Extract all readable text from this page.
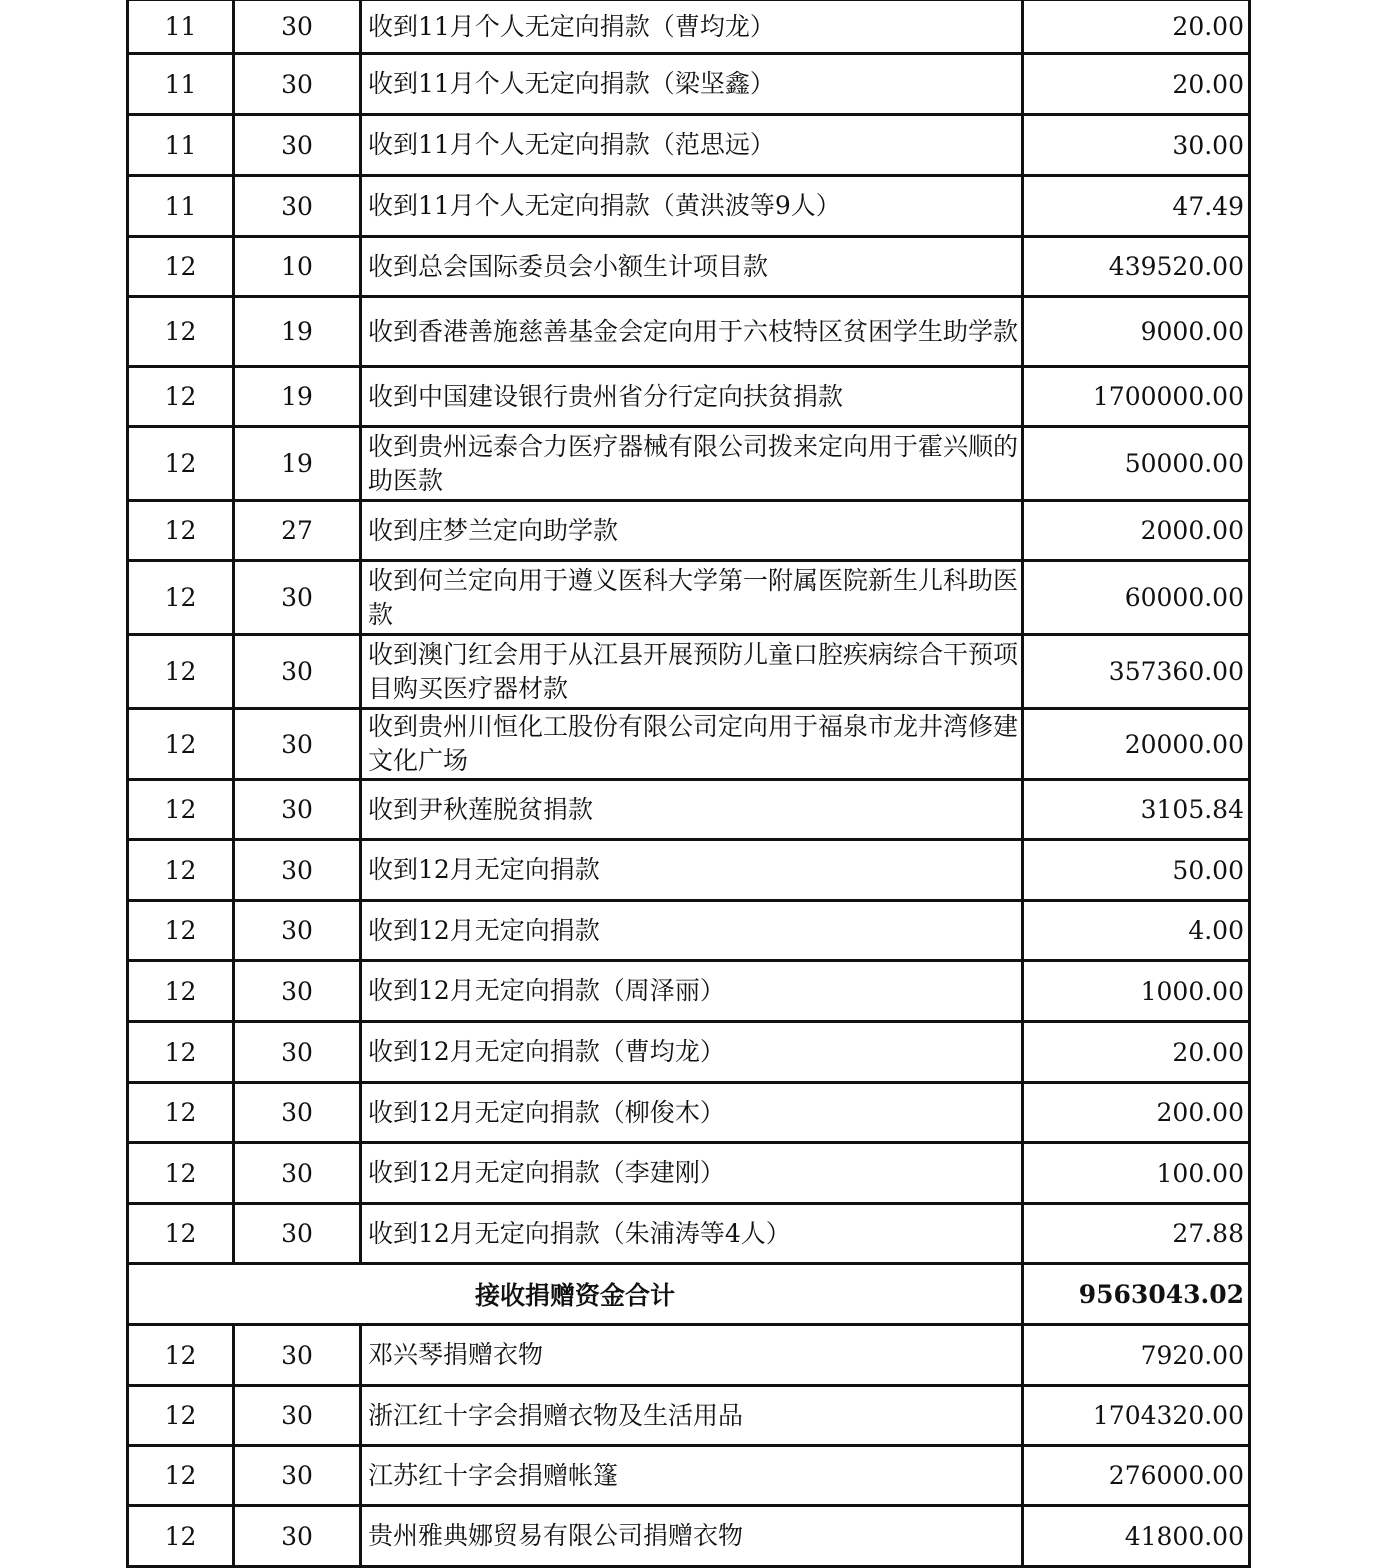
11	30	收到11月个人无定向捐款（曹均龙）	20.00
11	30	收到11月个人无定向捐款（梁坚鑫）	20.00
11	30	收到11月个人无定向捐款（范思远）	30.00
11	30	收到11月个人无定向捐款（黄洪波等9人）	47.49
12	10	收到总会国际委员会小额生计项目款	439520.00
12	19	收到香港善施慈善基金会定向用于六枝特区贫困学生助学款	9000.00
12	19	收到中国建设银行贵州省分行定向扶贫捐款	1700000.00
12	19	收到贵州远泰合力医疗器械有限公司拨来定向用于霍兴顺的助医款	50000.00
12	27	收到庄梦兰定向助学款	2000.00
12	30	收到何兰定向用于遵义医科大学第一附属医院新生儿科助医款	60000.00
12	30	收到澳门红会用于从江县开展预防儿童口腔疾病综合干预项目购买医疗器材款	357360.00
12	30	收到贵州川恒化工股份有限公司定向用于福泉市龙井湾修建文化广场	20000.00
12	30	收到尹秋莲脱贫捐款	3105.84
12	30	收到12月无定向捐款	50.00
12	30	收到12月无定向捐款	4.00
12	30	收到12月无定向捐款（周泽丽）	1000.00
12	30	收到12月无定向捐款（曹均龙）	20.00
12	30	收到12月无定向捐款（柳俊木）	200.00
12	30	收到12月无定向捐款（李建刚）	100.00
12	30	收到12月无定向捐款（朱浦涛等4人）	27.88
接收捐赠资金合计			9563043.02
12	30	邓兴琴捐赠衣物	7920.00
12	30	浙江红十字会捐赠衣物及生活用品	1704320.00
12	30	江苏红十字会捐赠帐篷	276000.00
12	30	贵州雅典娜贸易有限公司捐赠衣物	41800.00
